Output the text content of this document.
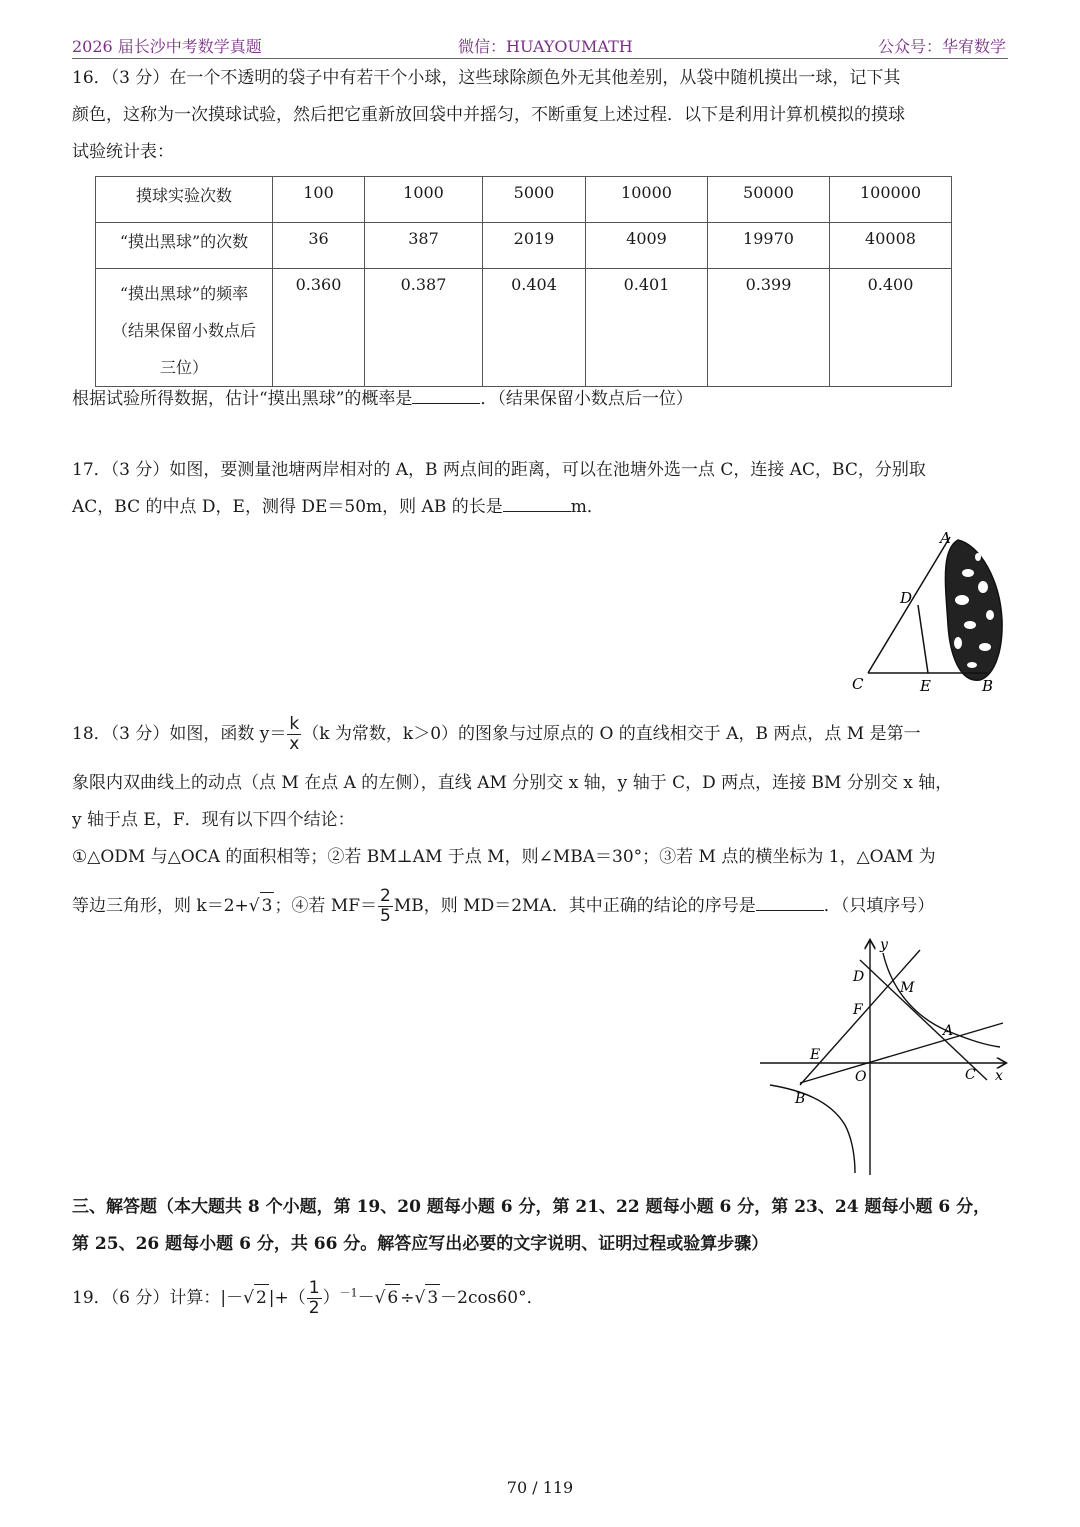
2026 届长沙中考数学真题	微信：HUAYOUMATH	公众号：华宥数学
16．（3 分）在一个不透明的袋子中有若干个小球，这些球除颜色外无其他差别，从袋中随机摸出一球，记下其
颜色，这称为一次摸球试验，然后把它重新放回袋中并摇匀，不断重复上述过程．以下是利用计算机模拟的摸球
试验统计表：
摸球实验次数	100	1000	5000	10000	50000	100000
“摸出黑球”的次数	36	387	2019	4009	19970	40008

“摸出黑球”的频率
（结果保留小数点后
三位）	0.360	0.387	0.404	0.401	0.399	0.400
根据试验所得数据，估计“摸出黑球”的概率是	．（结果保留小数点后一位）
17．（3 分）如图，要测量池塘两岸相对的 A，B 两点间的距离，可以在池塘外选一点 C，连接 AC，BC，分别取
AC，BC 的中点 D，E，测得 DE＝50m，则 AB 的长是	m．
A
D
C	E	B
18．（3 分）如图，函数 $y= \frac{k}{x} (k$ 为常数，k＞0）的图象与过原点的 O 的直线相交于 A，B 两点，点 M 是第一
象限内双曲线上的动点（点 M 在点 A 的左侧），直线 AM 分别交 x 轴，y 轴于 C，D 两点，连接 BM 分别交 x 轴，
y 轴于点 E，F．现有以下四个结论：
①△ODM 与△OCA 的面积相等；②若 BM⊥AM 于点 M，则∠MBA＝30°；③若 M 点的横坐标为 1，△OAM 为
等边三角形，则 k＝2+√ 3 ；④若 $MF= \frac{2}{5}$ MB，则 MD＝2MA．其中正确的结论的序号是	．（只填序号）
y
x
D
M
F
A
E
O	C
B
三、解答题（本大题共 8 个小题，第 19、20 题每小题 6 分，第 21、22 题每小题 6 分，第 23、24 题每小题 6 分，
第 25、26 题每小题 6 分，共 66 分。解答应写出必要的文字说明、证明过程或验算步骤）
19．（6 分）计算：|－√ 2 |+（ $\frac{1}{2} )^{-1}-√$ 6 ÷√ 3 －2cos60°．
70 / 119
